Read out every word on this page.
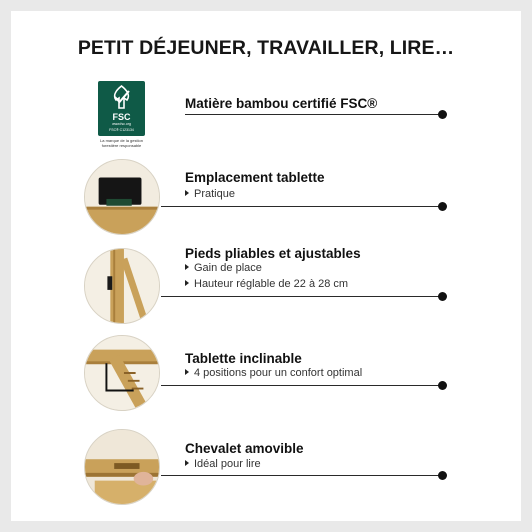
PETIT DÉJEUNER, TRAVAILLER, LIRE…
FSC
www.fsc.org
FSC® C123134
La marque de la gestion forestière responsable
Matière bambou certifié FSC®
Emplacement tablette
Pratique
Pieds pliables et ajustables
Gain de place
Hauteur réglable de 22 à 28 cm
Tablette inclinable
4 positions pour un confort optimal
Chevalet amovible
Idéal pour lire
